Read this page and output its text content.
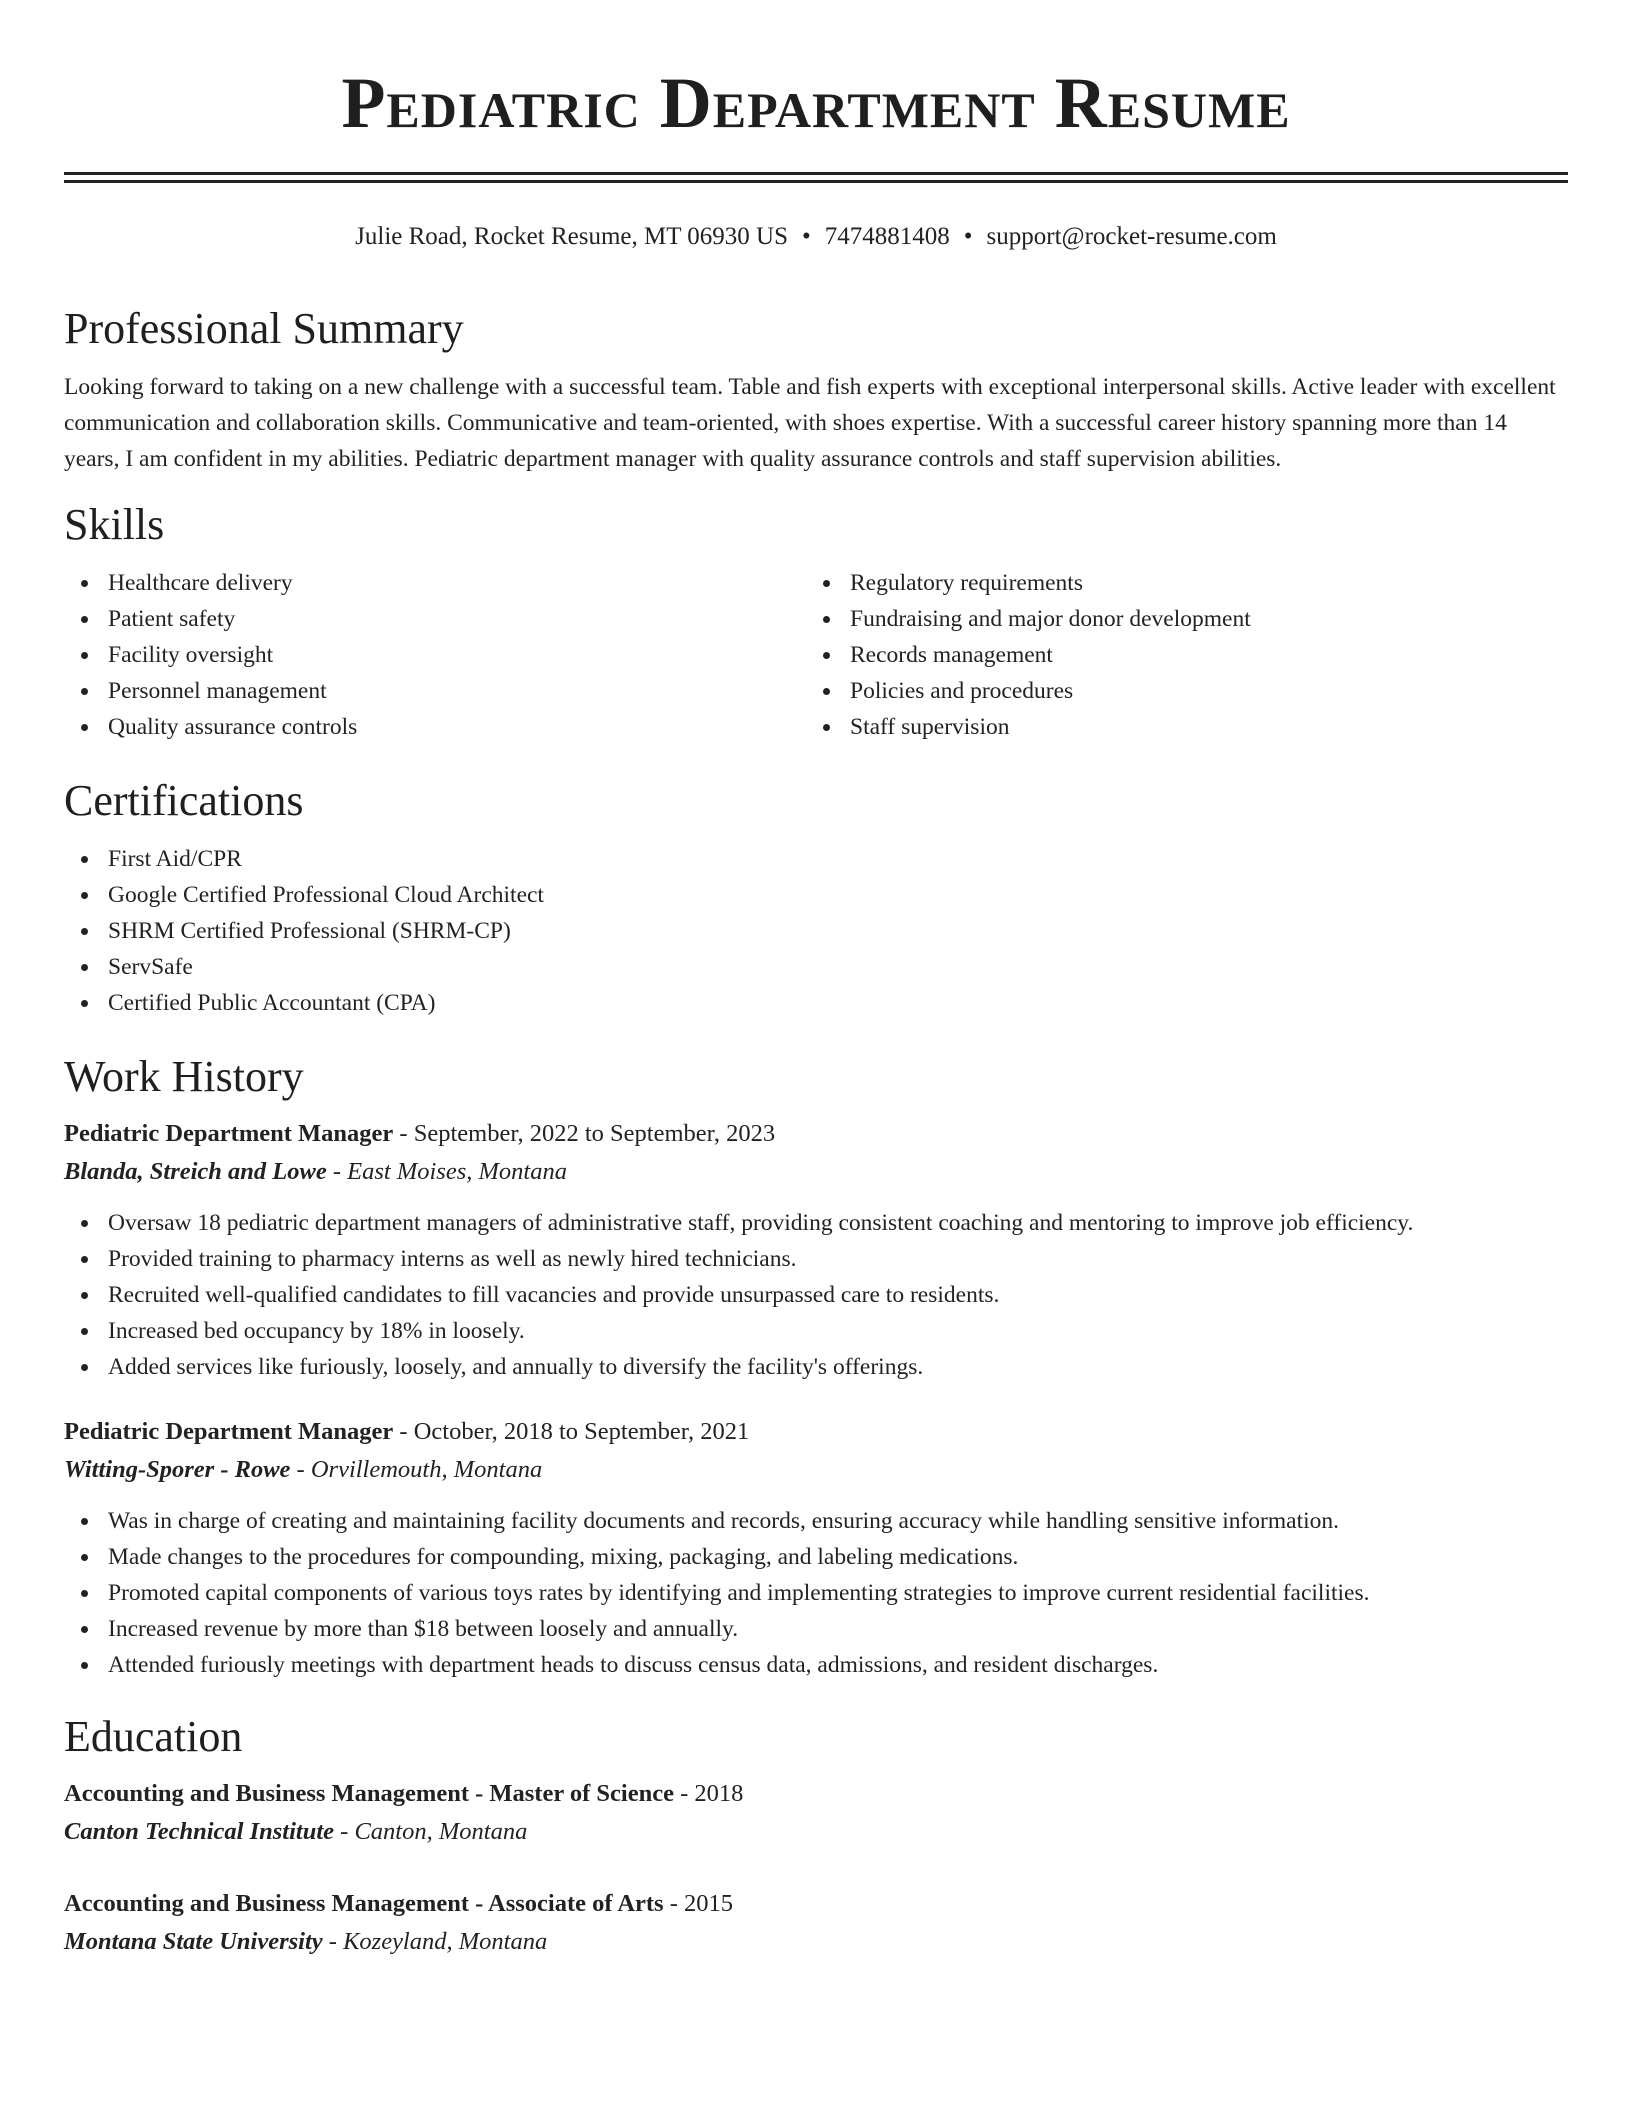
Pediatric Department Resume
Julie Road, Rocket Resume, MT 06930 US • 7474881408 • support@rocket-resume.com
Professional Summary

Looking forward to taking on a new challenge with a successful team. Table and fish experts with exceptional interpersonal skills. Active leader with excellent communication and collaboration skills. Communicative and team-oriented, with shoes expertise. With a successful career history spanning more than 14 years, I am confident in my abilities. Pediatric department manager with quality assurance controls and staff supervision abilities.

Skills
Healthcare delivery
Patient safety
Facility oversight
Personnel management
Quality assurance controls
Regulatory requirements
Fundraising and major donor development
Records management
Policies and procedures
Staff supervision
Certifications
First Aid/CPR
Google Certified Professional Cloud Architect
SHRM Certified Professional (SHRM-CP)
ServSafe
Certified Public Accountant (CPA)
Work History

Pediatric Department Manager - September, 2022 to September, 2023

Blanda, Streich and Lowe - East Moises, Montana

Oversaw 18 pediatric department managers of administrative staff, providing consistent coaching and mentoring to improve job efficiency.
Provided training to pharmacy interns as well as newly hired technicians.
Recruited well-qualified candidates to fill vacancies and provide unsurpassed care to residents.
Increased bed occupancy by 18% in loosely.
Added services like furiously, loosely, and annually to diversify the facility's offerings.

Pediatric Department Manager - October, 2018 to September, 2021

Witting-Sporer - Rowe - Orvillemouth, Montana

Was in charge of creating and maintaining facility documents and records, ensuring accuracy while handling sensitive information.
Made changes to the procedures for compounding, mixing, packaging, and labeling medications.
Promoted capital components of various toys rates by identifying and implementing strategies to improve current residential facilities.
Increased revenue by more than $18 between loosely and annually.
Attended furiously meetings with department heads to discuss census data, admissions, and resident discharges.
Education

Accounting and Business Management - Master of Science - 2018

Canton Technical Institute - Canton, Montana

Accounting and Business Management - Associate of Arts - 2015

Montana State University - Kozeyland, Montana
